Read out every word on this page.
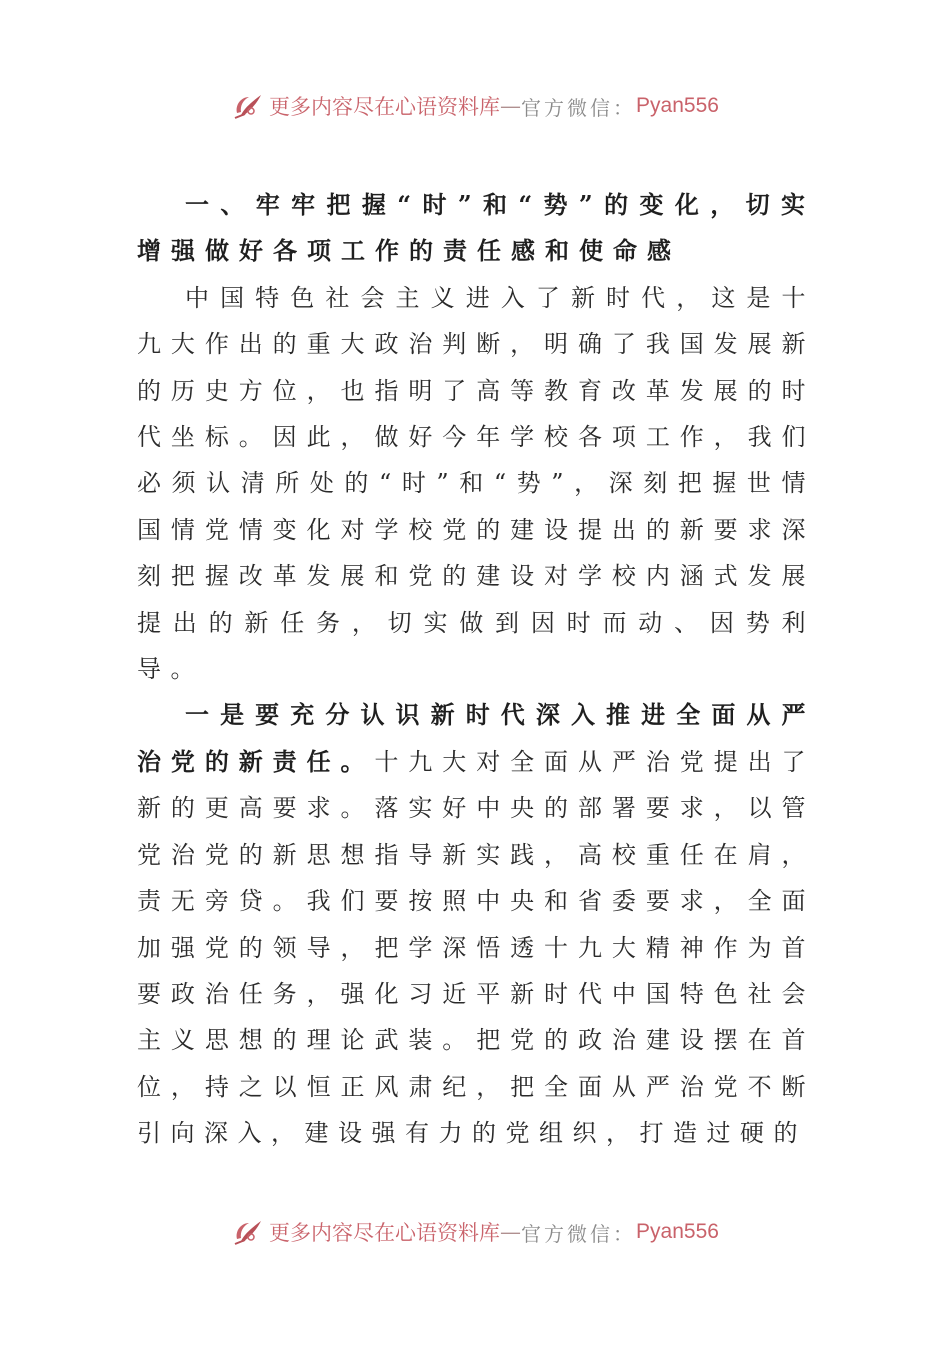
更多内容尽在心语资料库 — 官方微信： Pyan556
一、牢牢把握“时”和“势”的变化，切实增强做好各项工作的责任感和使命感

中国特色社会主义进入了新时代，这是十九大作出的重大政治判断，明确了我国发展新的历史方位，也指明了高等教育改革发展的时代坐标。因此，做好今年学校各项工作，我们必须认清所处的“时”和“势”，深刻把握世情国情党情变化对学校党的建设提出的新要求深刻把握改革发展和党的建设对学校内涵式发展提出的新任务，切实做到因时而动、因势利导。

一是要充分认识新时代深入推进全面从严治党的新责任。十九大对全面从严治党提出了新的更高要求。落实好中央的部署要求，以管党治党的新思想指导新实践，高校重任在肩，责无旁贷。我们要按照中央和省委要求，全面加强党的领导，把学深悟透十九大精神作为首要政治任务，强化习近平新时代中国特色社会主义思想的理论武装。把党的政治建设摆在首位，持之以恒正风肃纪，把全面从严治党不断引向深入，建设强有力的党组织，打造过硬的

更多内容尽在心语资料库 — 官方微信： Pyan556
